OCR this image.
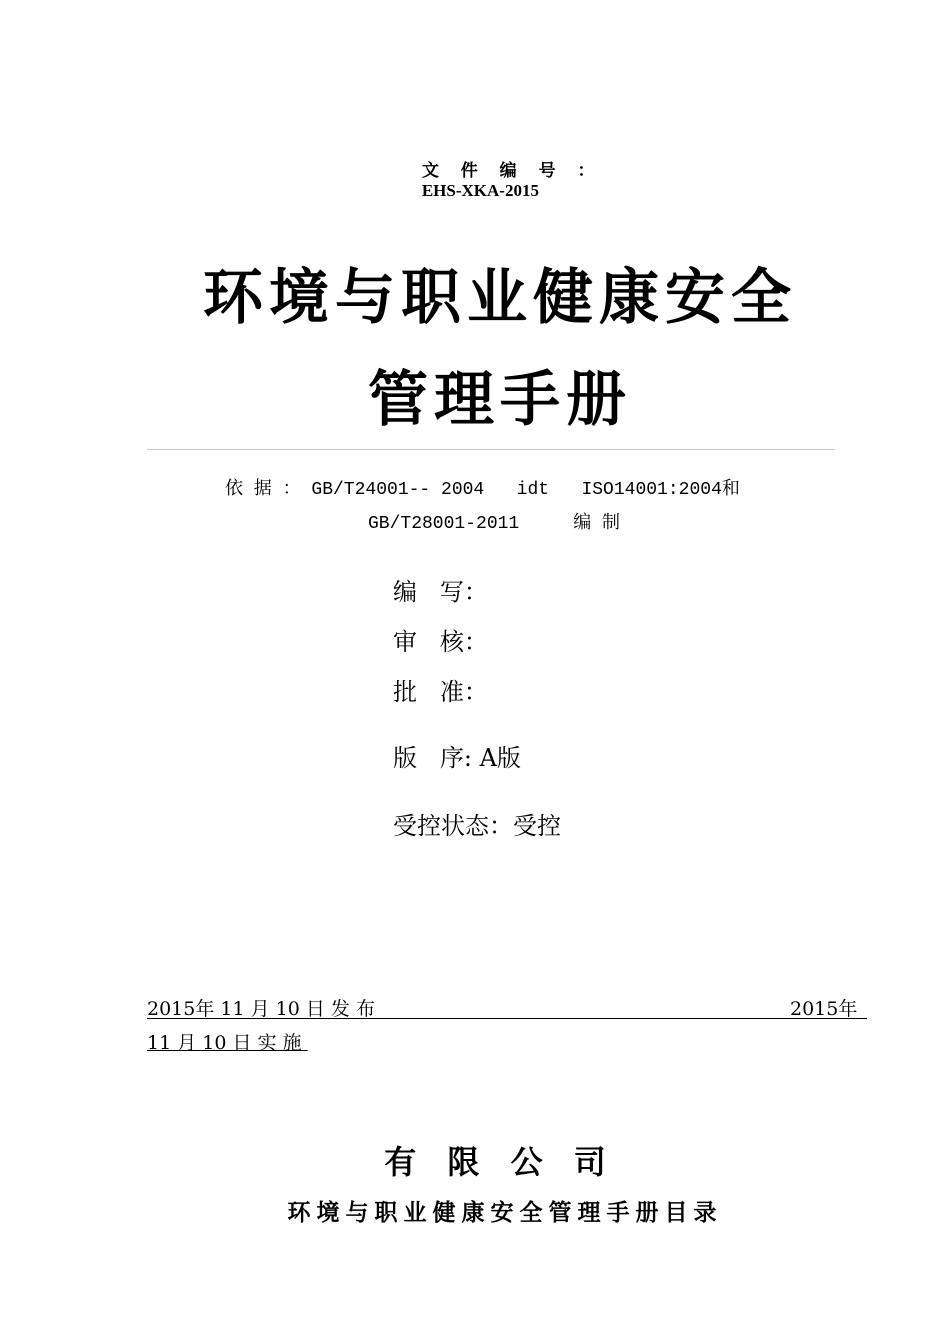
文 件 编 号 ：
EHS-XKA-2015

环境与职业健康安全
管理手册
依 据 ： GB/T24001-- 2004   idt   ISO14001:2004和
GB/T28001-2011     编 制
编   写：
审   核：
批   准：
版   序: A版
受控状态：受控
2015年 11 月 10 日 发 布	2015年
11 月 10 日 实 施
有 限 公 司
环境与职业健康安全管理手册目录
